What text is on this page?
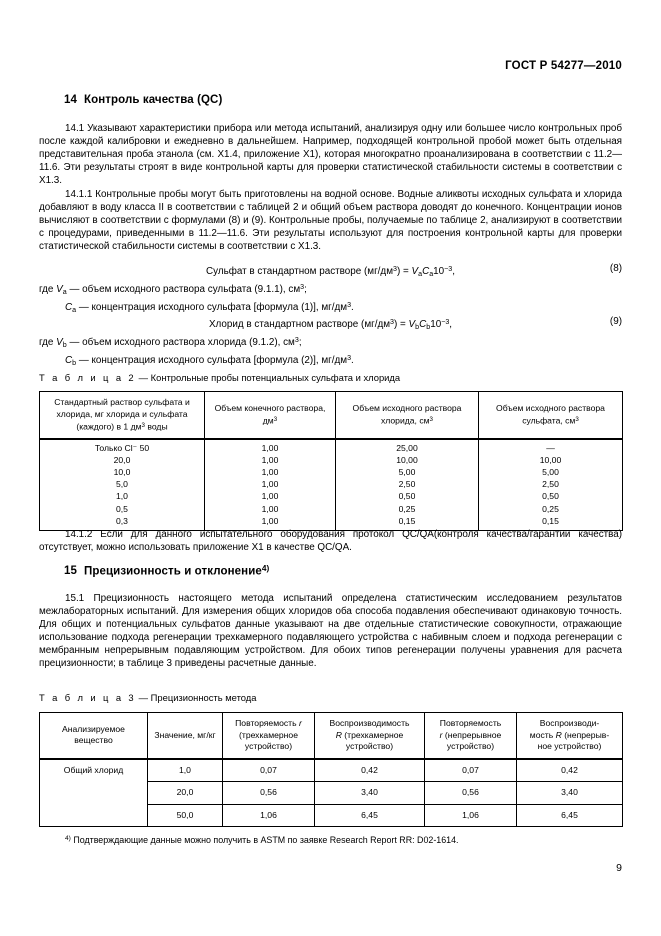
ГОСТ Р 54277—2010
14 Контроль качества (QC)

14.1 Указывают характеристики прибора или метода испытаний, анализируя одну или большее число контрольных проб после каждой калибровки и ежедневно в дальнейшем. Например, подходящей контрольной пробой может быть отдельная представительная проба этанола (см. X1.4, приложение X1), которая многократно проанализирована в соответствии с 11.2—11.6. Эти результаты строят в виде контрольной карты для проверки статистической стабильности системы в соответствии с X1.3.

14.1.1 Контрольные пробы могут быть приготовлены на водной основе. Водные аликвоты исходных сульфата и хлорида добавляют в воду класса II в соответствии с таблицей 2 и общий объем раствора доводят до конечного. Концентрации ионов вычисляют в соответствии с формулами (8) и (9). Контрольные пробы, получаемые по таблице 2, анализируют в соответствии с процедурами, приведенными в 11.2—11.6. Эти результаты используют для построения контрольной карты для проверки статистической стабильности системы в соответствии с X1.3.

Сульфат в стандартном растворе $(мг/дм^3) = V_aC_a10^{-3}$,	(8)

где $V_a$ — объем исходного раствора сульфата (9.1.1), $см^3$;

$C_a$ — концентрация исходного сульфата [формула (1)], $мг/дм^3$.

Хлорид в стандартном растворе $(мг/дм^3) = V_bC_b10^{-3}$,	(9)

где $V_b$ — объем исходного раствора хлорида (9.1.2), $см^3$;

$C_b$ — концентрация исходного сульфата [формула (2)], $мг/дм^3$.

Т а б л и ц а 2 — Контрольные пробы потенциальных сульфата и хлорида

Стандартный раствор сульфата и
хлорида, мг хлорида и сульфата
(каждого) в 1 $дм^3$ воды	Объем конечного раствора,
$дм^3$	Объем исходного раствора
хлорида, $см^3$	Объем исходного раствора
сульфата, $см^3$
Только Cl⁻ 50	1,00	25,00	—
20,0	1,00	10,00	10,00
10,0	1,00	5,00	5,00
5,0	1,00	2,50	2,50
1,0	1,00	0,50	0,50
0,5	1,00	0,25	0,25
0,3	1,00	0,15	0,15

14.1.2 Если для данного испытательного оборудования протокол QC/QA(контроля качества/гарантии качества) отсутствует, можно использовать приложение X1 в качестве QC/QA.

15 Прецизионность и отклонение$^{4)}$

15.1 Прецизионность настоящего метода испытаний определена статистическим исследованием результатов межлабораторных испытаний. Для измерения общих хлоридов оба способа подавления обеспечивают одинаковую точность. Для общих и потенциальных сульфатов данные указывают на две отдельные статистические совокупности, отражающие использование подхода регенерации трехкамерного подавляющего устройства с набивным слоем и подхода регенерации с мембранным непрерывным подавляющим устройством. Для обоих типов регенерации получены уравнения для расчета прецизионности; в таблице 3 приведены расчетные данные.

Т а б л и ц а 3 — Прецизионность метода

Анализируемое
вещество	Значение, мг/кг	Повторяемость r
(трехкамерное
устройство)	Воспроизводимость
R (трехкамерное
устройство)	Повторяемость
r (непрерывное
устройство)	Воспроизводи-
мость R (непрерыв-
ное устройство)
Общий хлорид	1,0	0,07	0,42	0,07	0,42
	20,0	0,56	3,40	0,56	3,40
	50,0	1,06	6,45	1,06	6,45

$^{4)}$ Подтверждающие данные можно получить в ASTM по заявке Research Report RR: D02-1614.

9
